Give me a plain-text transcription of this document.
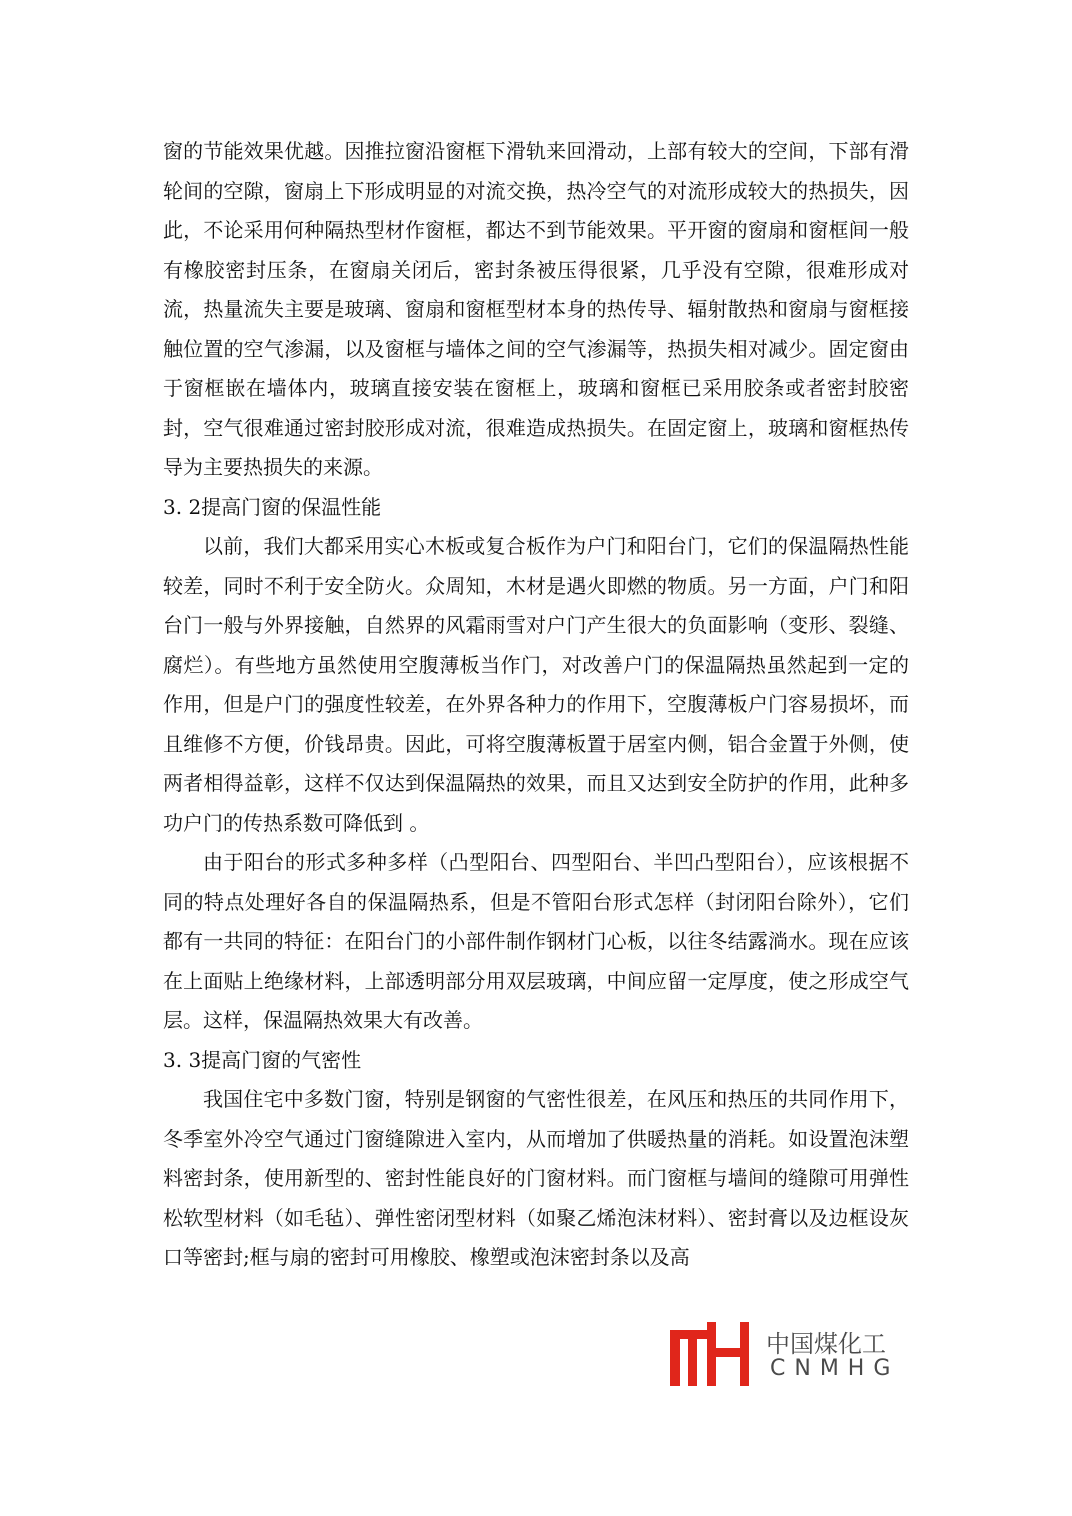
窗的节能效果优越。因推拉窗沿窗框下滑轨来回滑动，上部有较大的空间，下部有滑轮间的空隙，窗扇上下形成明显的对流交换，热冷空气的对流形成较大的热损失，因此，不论采用何种隔热型材作窗框，都达不到节能效果。平开窗的窗扇和窗框间一般有橡胶密封压条，在窗扇关闭后，密封条被压得很紧，几乎没有空隙，很难形成对流，热量流失主要是玻璃、窗扇和窗框型材本身的热传导、辐射散热和窗扇与窗框接触位置的空气渗漏，以及窗框与墙体之间的空气渗漏等，热损失相对减少。固定窗由于窗框嵌在墙体内，玻璃直接安装在窗框上，玻璃和窗框已采用胶条或者密封胶密封，空气很难通过密封胶形成对流，很难造成热损失。在固定窗上，玻璃和窗框热传导为主要热损失的来源。

3. 2提高门窗的保温性能

以前，我们大都采用实心木板或复合板作为户门和阳台门，它们的保温隔热性能较差，同时不利于安全防火。众周知，木材是遇火即燃的物质。另一方面，户门和阳台门一般与外界接触，自然界的风霜雨雪对户门产生很大的负面影响（变形、裂缝、腐烂）。有些地方虽然使用空腹薄板当作门，对改善户门的保温隔热虽然起到一定的作用，但是户门的强度性较差，在外界各种力的作用下，空腹薄板户门容易损坏，而且维修不方便，价钱昂贵。因此，可将空腹薄板置于居室内侧，铝合金置于外侧，使两者相得益彰，这样不仅达到保温隔热的效果，而且又达到安全防护的作用，此种多功户门的传热系数可降低到 。

由于阳台的形式多种多样（凸型阳台、四型阳台、半凹凸型阳台），应该根据不同的特点处理好各自的保温隔热系，但是不管阳台形式怎样（封闭阳台除外），它们都有一共同的特征：在阳台门的小部件制作钢材门心板，以往冬结露淌水。现在应该在上面贴上绝缘材料，上部透明部分用双层玻璃，中间应留一定厚度，使之形成空气层。这样，保温隔热效果大有改善。

3. 3提高门窗的气密性

我国住宅中多数门窗，特别是钢窗的气密性很差，在风压和热压的共同作用下，冬季室外冷空气通过门窗缝隙进入室内，从而增加了供暖热量的消耗。如设置泡沫塑料密封条，使用新型的、密封性能良好的门窗材料。而门窗框与墙间的缝隙可用弹性松软型材料（如毛毡）、弹性密闭型材料（如聚乙烯泡沫材料）、密封膏以及边框设灰口等密封;框与扇的密封可用橡胶、橡塑或泡沫密封条以及高

中国煤化工
CNMHG
